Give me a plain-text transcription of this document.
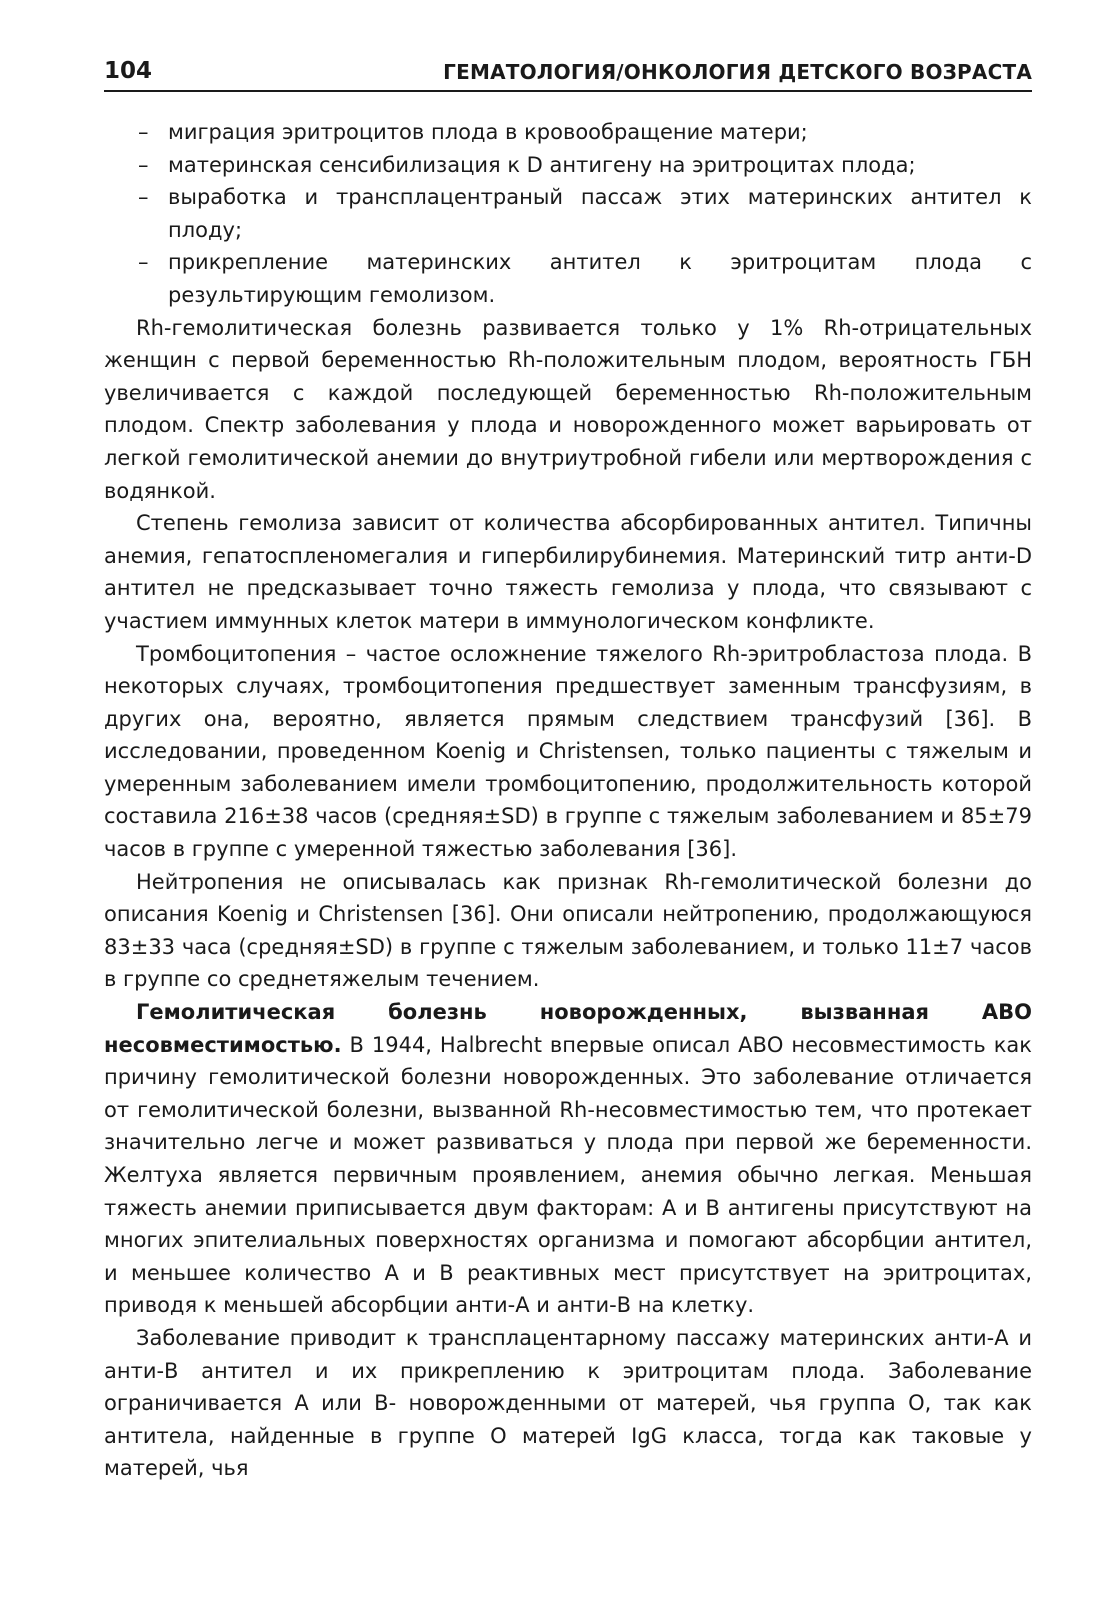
104	ГЕМАТОЛОГИЯ/ОНКОЛОГИЯ ДЕТСКОГО ВОЗРАСТА
– миграция эритроцитов плода в кровообращение матери;
– материнская сенсибилизация к D антигену на эритроцитах плода;
– выработка и трансплацентраный пассаж этих материнских антител к плоду;
– прикрепление материнских антител к эритроцитам плода с результирующим гемолизом.

Rh-гемолитическая болезнь развивается только у 1% Rh-отрицательных женщин с первой беременностью Rh-положительным плодом, вероятность ГБН увеличивается с каждой последующей беременностью Rh-положительным плодом. Спектр заболевания у плода и новорожденного может варьировать от легкой гемолитической анемии до внутриутробной гибели или мертворождения с водянкой.

Степень гемолиза зависит от количества абсорбированных антител. Типичны анемия, гепатоспленомегалия и гипербилирубинемия. Материнский титр анти-D антител не предсказывает точно тяжесть гемолиза у плода, что связывают с участием иммунных клеток матери в иммунологическом конфликте.

Тромбоцитопения – частое осложнение тяжелого Rh-эритробластоза плода. В некоторых случаях, тромбоцитопения предшествует заменным трансфузиям, в других она, вероятно, является прямым следствием трансфузий [36]. В исследовании, проведенном Koenig и Christensen, только пациенты с тяжелым и умеренным заболеванием имели тромбоцитопению, продолжительность которой составила 216±38 часов (средняя±SD) в группе с тяжелым заболеванием и 85±79 часов в группе с умеренной тяжестью заболевания [36].

Нейтропения не описывалась как признак Rh-гемолитической болезни до описания Koenig и Christensen [36]. Они описали нейтропению, продолжающуюся 83±33 часа (средняя±SD) в группе с тяжелым заболеванием, и только 11±7 часов в группе со среднетяжелым течением.

Гемолитическая болезнь новорожденных, вызванная АВО несовместимостью. В 1944, Halbrecht впервые описал АВО несовместимость как причину гемолитической болезни новорожденных. Это заболевание отличается от гемолитической болезни, вызванной Rh-несовместимостью тем, что протекает значительно легче и может развиваться у плода при первой же беременности. Желтуха является первичным проявлением, анемия обычно легкая. Меньшая тяжесть анемии приписывается двум факторам: А и В антигены присутствуют на многих эпителиальных поверхностях организма и помогают абсорбции антител, и меньшее количество А и В реактивных мест присутствует на эритроцитах, приводя к меньшей абсорбции анти-А и анти-В на клетку.

Заболевание приводит к трансплацентарному пассажу материнских анти-А и анти-В антител и их прикреплению к эритроцитам плода. Заболевание ограничивается А или В- новорожденными от матерей, чья группа О, так как антитела, найденные в группе О матерей IgG класса, тогда как таковые у матерей, чья
